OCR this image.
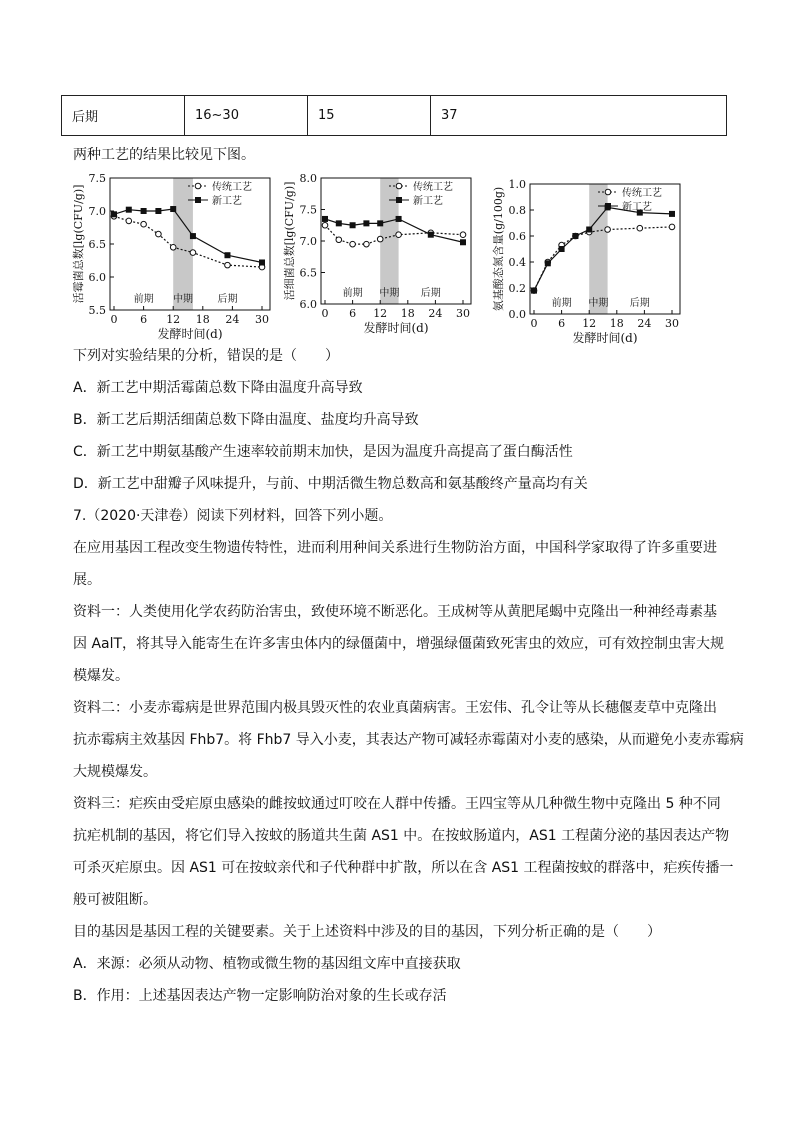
后期	16~30	15	37
两种工艺的结果比较见下图。
5.5
6.0
6.5
7.0
7.5
0 6 12 18 24 30
发酵时间(d)
活霉菌总数[lg(CFU/g)]	前期 中期 后期
传统工艺
新工艺
6.0
6.5
7.0
7.5
8.0
0 6 12 18 24 30
发酵时间(d)
活细菌总数[lg(CFU/g)]	前期 中期 后期
传统工艺
新工艺
0.0
0.2
0.4
0.6
0.8
1.0
0 6 12 18 24 30
发酵时间(d)
氨基酸态氮含量(g/100g)	前期 中期 后期
传统工艺
新工艺
下列对实验结果的分析，错误的是（　　）
A．新工艺中期活霉菌总数下降由温度升高导致
B．新工艺后期活细菌总数下降由温度、盐度均升高导致
C．新工艺中期氨基酸产生速率较前期末加快，是因为温度升高提高了蛋白酶活性
D．新工艺中甜瓣子风味提升，与前、中期活微生物总数高和氨基酸终产量高均有关
7.（2020·天津卷）阅读下列材料，回答下列小题。
在应用基因工程改变生物遗传特性，进而利用种间关系进行生物防治方面，中国科学家取得了许多重要进
展。
资料一：人类使用化学农药防治害虫，致使环境不断恶化。王成树等从黄肥尾蝎中克隆出一种神经毒素基
因 AalT，将其导入能寄生在许多害虫体内的绿僵菌中，增强绿僵菌致死害虫的效应，可有效控制虫害大规
模爆发。
资料二：小麦赤霉病是世界范围内极具毁灭性的农业真菌病害。王宏伟、孔令让等从长穗偃麦草中克隆出
抗赤霉病主效基因 Fhb7。将 Fhb7 导入小麦，其表达产物可减轻赤霉菌对小麦的感染，从而避免小麦赤霉病
大规模爆发。
资料三：疟疾由受疟原虫感染的雌按蚊通过叮咬在人群中传播。王四宝等从几种微生物中克隆出 5 种不同
抗疟机制的基因，将它们导入按蚊的肠道共生菌 AS1 中。在按蚊肠道内，AS1 工程菌分泌的基因表达产物
可杀灭疟原虫。因 AS1 可在按蚊亲代和子代种群中扩散，所以在含 AS1 工程菌按蚊的群落中，疟疾传播一
般可被阻断。
目的基因是基因工程的关键要素。关于上述资料中涉及的目的基因，下列分析正确的是（　　）
A．来源：必须从动物、植物或微生物的基因组文库中直接获取
B．作用：上述基因表达产物一定影响防治对象的生长或存活
